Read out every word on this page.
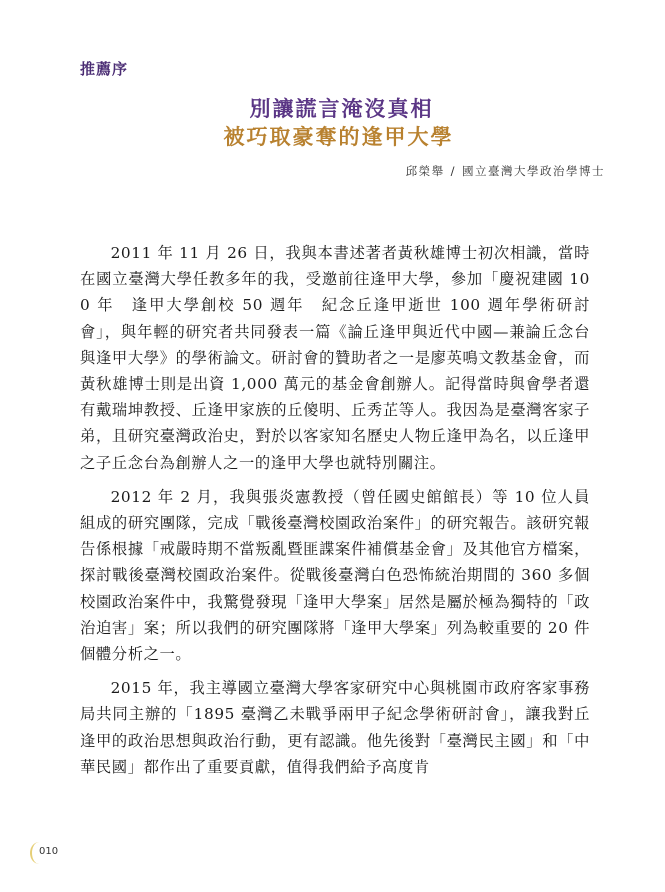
推薦序
別讓謊言淹沒真相
被巧取豪奪的逢甲大學
邱榮舉 / 國立臺灣大學政治學博士

2011 年 11 月 26 日，我與本書述著者黃秋雄博士初次相識，當時在國立臺灣大學任教多年的我，受邀前往逢甲大學，參加「慶祝建國 100 年　逢甲大學創校 50 週年　紀念丘逢甲逝世 100 週年學術研討會」，與年輕的研究者共同發表一篇《論丘逢甲與近代中國—兼論丘念台與逢甲大學》的學術論文。研討會的贊助者之一是廖英鳴文教基金會，而黃秋雄博士則是出資 1,000 萬元的基金會創辦人。記得當時與會學者還有戴瑞坤教授、丘逢甲家族的丘傻明、丘秀芷等人。我因為是臺灣客家子弟，且研究臺灣政治史，對於以客家知名歷史人物丘逢甲為名，以丘逢甲之子丘念台為創辦人之一的逢甲大學也就特別關注。

2012 年 2 月，我與張炎憲教授（曾任國史館館長）等 10 位人員組成的研究團隊，完成「戰後臺灣校園政治案件」的研究報告。該研究報告係根據「戒嚴時期不當叛亂暨匪諜案件補償基金會」及其他官方檔案，探討戰後臺灣校園政治案件。從戰後臺灣白色恐怖統治期間的 360 多個校園政治案件中，我驚覺發現「逢甲大學案」居然是屬於極為獨特的「政治迫害」案；所以我們的研究團隊將「逢甲大學案」列為較重要的 20 件個體分析之一。

2015 年，我主導國立臺灣大學客家研究中心與桃園市政府客家事務局共同主辦的「1895 臺灣乙未戰爭兩甲子紀念學術研討會」，讓我對丘逢甲的政治思想與政治行動，更有認識。他先後對「臺灣民主國」和「中華民國」都作出了重要貢獻，值得我們給予高度肯

010
